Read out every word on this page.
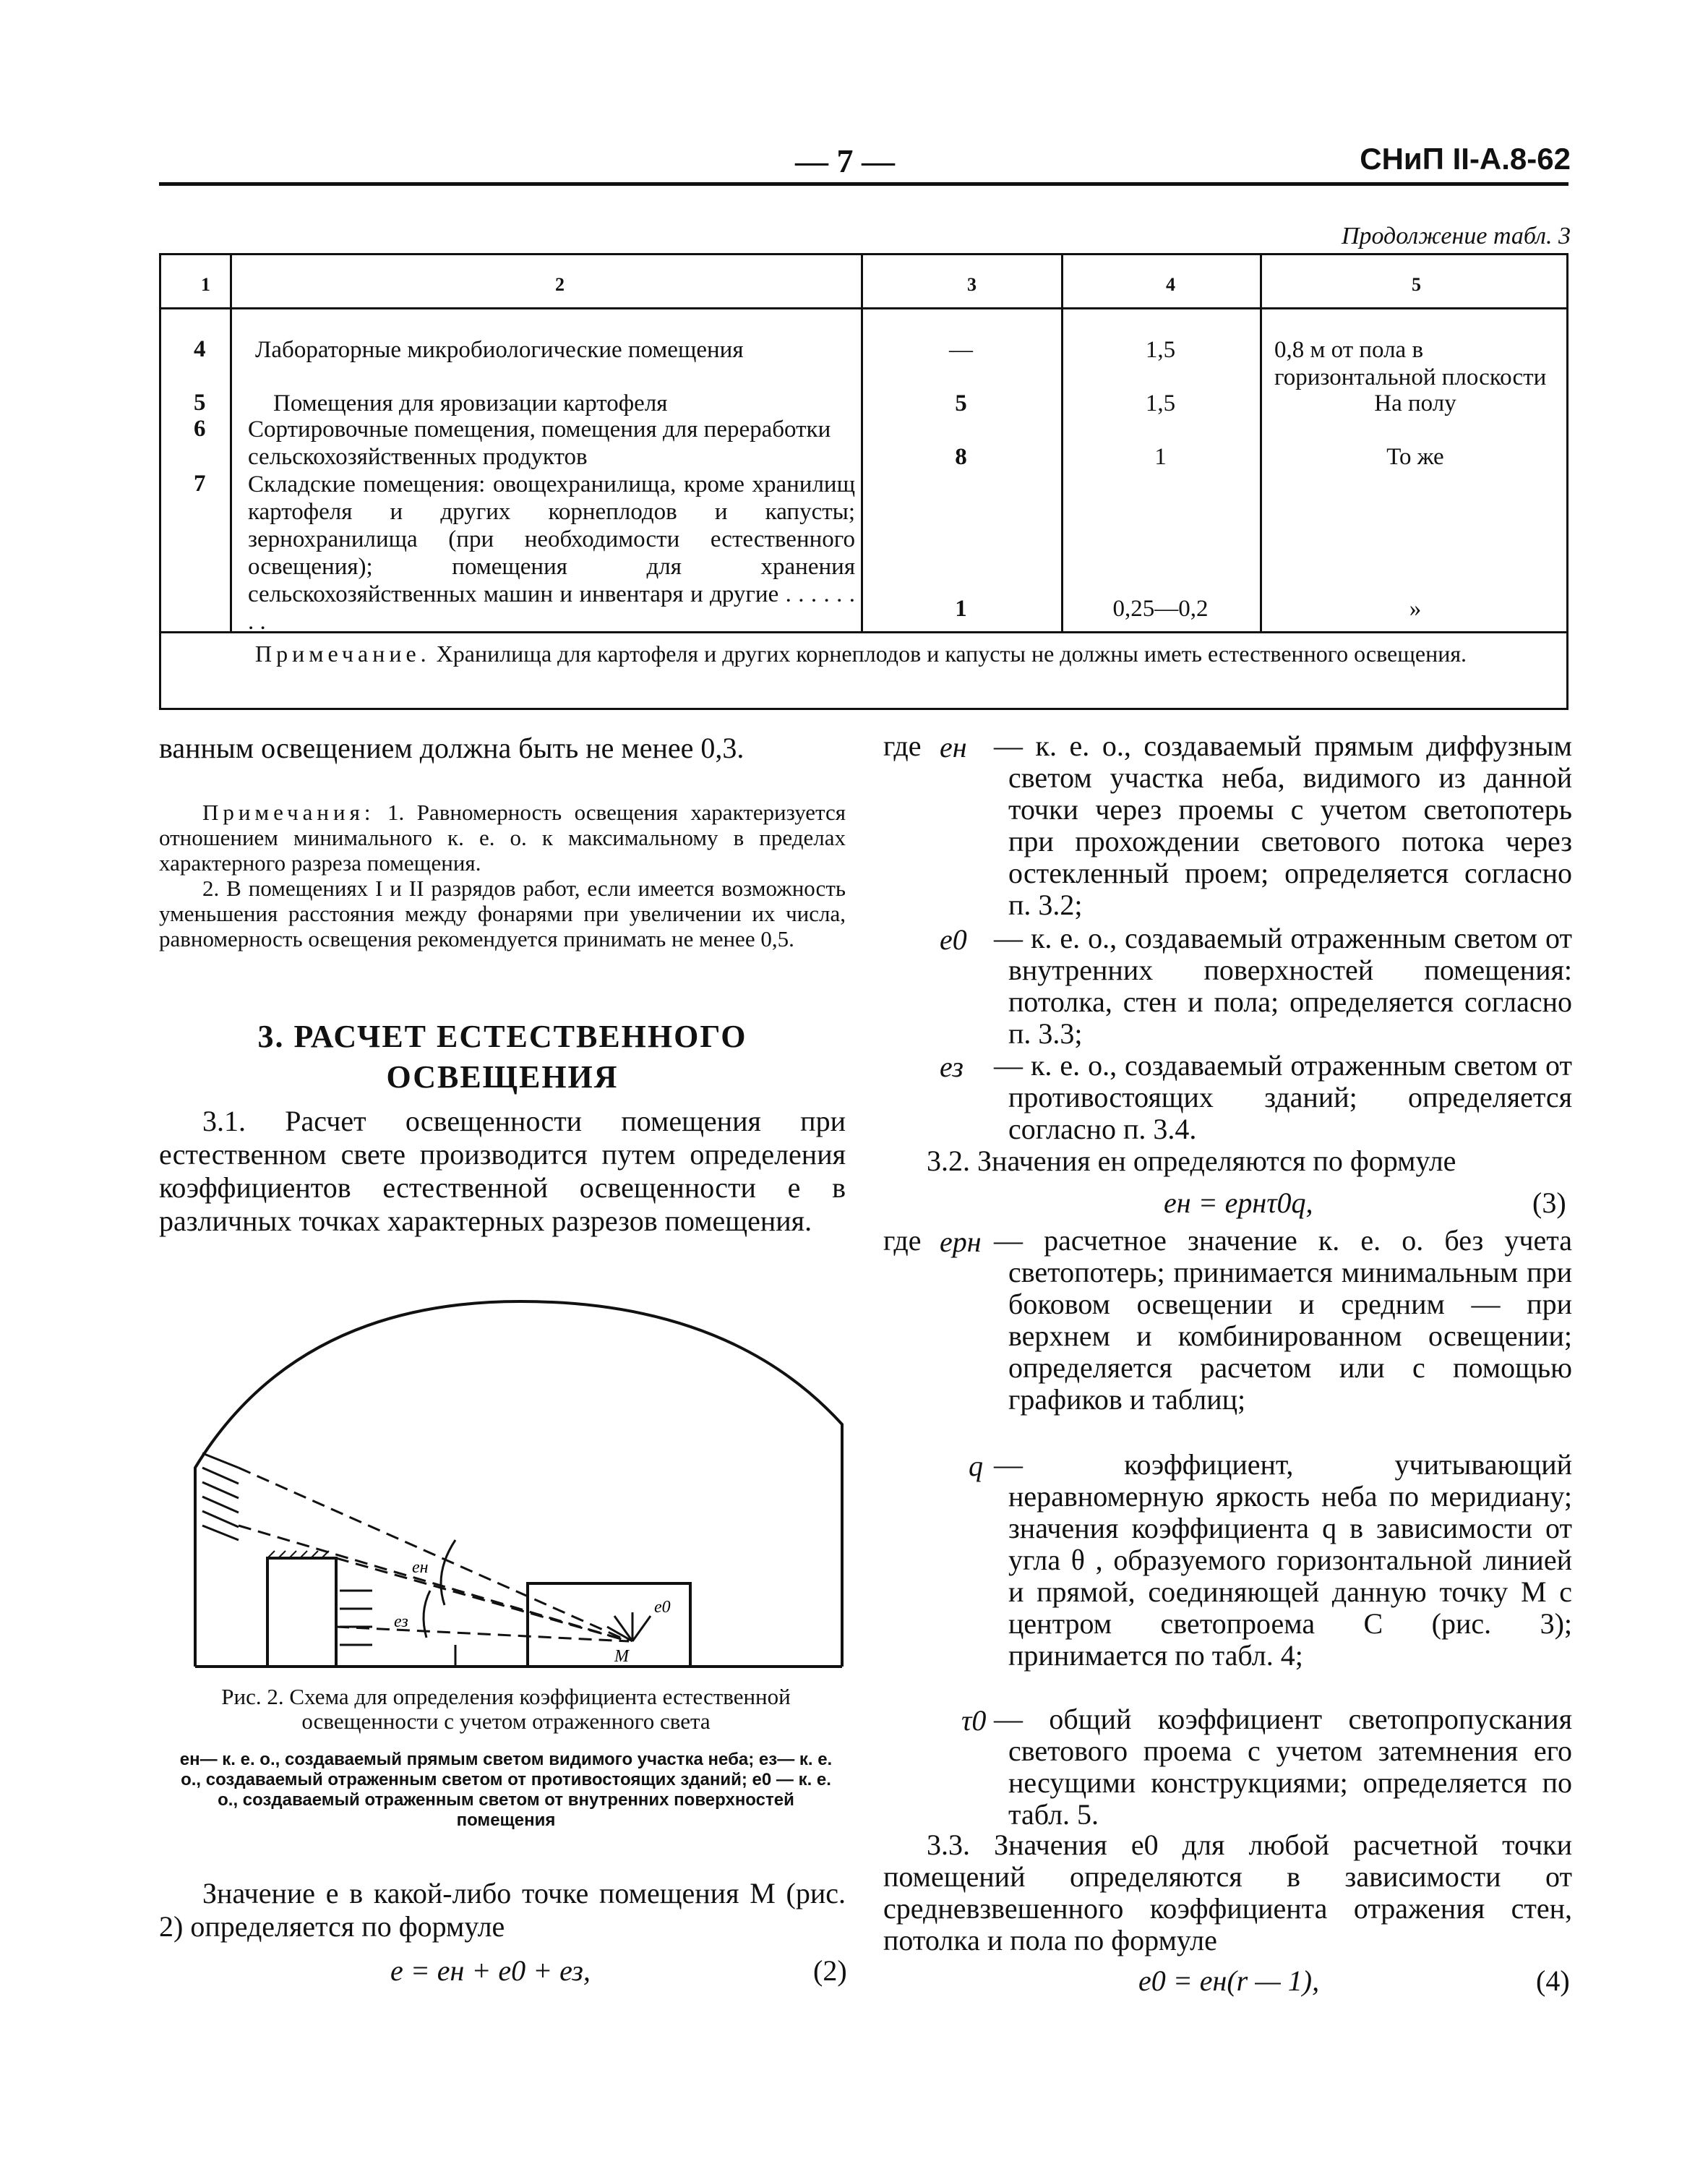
— 7 —	СНиП II-А.8-62
Продолжение табл. 3
1	2	3	4	5
4 Лабораторные микробиологические помещения	—	1,5	0,8 м от пола в горизонтальной плоскости
5	Помещения для яровизации картофеля	5	1,5	На полу
6 Сортировочные помещения, помещения для переработки сельскохозяйственных продуктов	8	1	То же
7 Складские помещения: овощехранилища, кроме хранилищ картофеля и других корнеплодов и капусты; зернохранилища (при необходимости естественного освещения); помещения для хранения сельскохозяйственных машин и инвентаря и другие . . . . . . . .	1	0,25—0,2	»
Примечание. Хранилища для картофеля и других корнеплодов и капусты не должны иметь естественного освещения.
ванным освещением должна быть не менее 0,3.
Примечания: 1. Равномерность освещения характеризуется отношением минимального к. е. о. к максимальному в пределах характерного разреза помещения.
2. В помещениях I и II разрядов работ, если имеется возможность уменьшения расстояния между фонарями при увеличении их числа, равномерность освещения рекомендуется принимать не менее 0,5.
3. РАСЧЕТ ЕСТЕСТВЕННОГО ОСВЕЩЕНИЯ
3.1. Расчет освещенности помещения при естественном свете производится путем определения коэффициентов естественной освещенности е в различных точках характерных разрезов помещения.
ен
ез
е0
М
Рис. 2. Схема для определения коэффициента естественной освещенности с учетом отраженного света
ен— к. е. о., создаваемый прямым светом видимого участка неба; ез— к. е. о., создаваемый отраженным светом от противостоящих зданий; е0 — к. е. о., создаваемый отраженным светом от внутренних поверхностей помещения
Значение е в какой-либо точке помещения М (рис. 2) определяется по формуле
е = ен + е0 + ез,	(2)
где ен — к. е. о., создаваемый прямым диффузным светом участка неба, видимого из данной точки через проемы с учетом светопотерь при прохождении светового потока через остекленный проем; определяется согласно п. 3.2;
е0 — к. е. о., создаваемый отраженным светом от внутренних поверхностей помещения: потолка, стен и пола; определяется согласно п. 3.3;
ез — к. е. о., создаваемый отраженным светом от противостоящих зданий; определяется согласно п. 3.4.
3.2. Значения ен определяются по формуле
ен = ернτ0q,	(3)
где ерн — расчетное значение к. е. о. без учета светопотерь; принимается минимальным при боковом освещении и средним — при верхнем и комбинированном освещении; определяется расчетом или с помощью графиков и таблиц;
q — коэффициент, учитывающий неравномерную яркость неба по меридиану; значения коэффициента q в зависимости от угла θ , образуемого горизонтальной линией и прямой, соединяющей данную точку М с центром светопроема С (рис. 3); принимается по табл. 4;
τ0 — общий коэффициент светопропускания светового проема с учетом затемнения его несущими конструкциями; определяется по табл. 5.
3.3. Значения е0 для любой расчетной точки помещений определяются в зависимости от средневзвешенного коэффициента отражения стен, потолка и пола по формуле
е0 = ен(r — 1),	(4)
